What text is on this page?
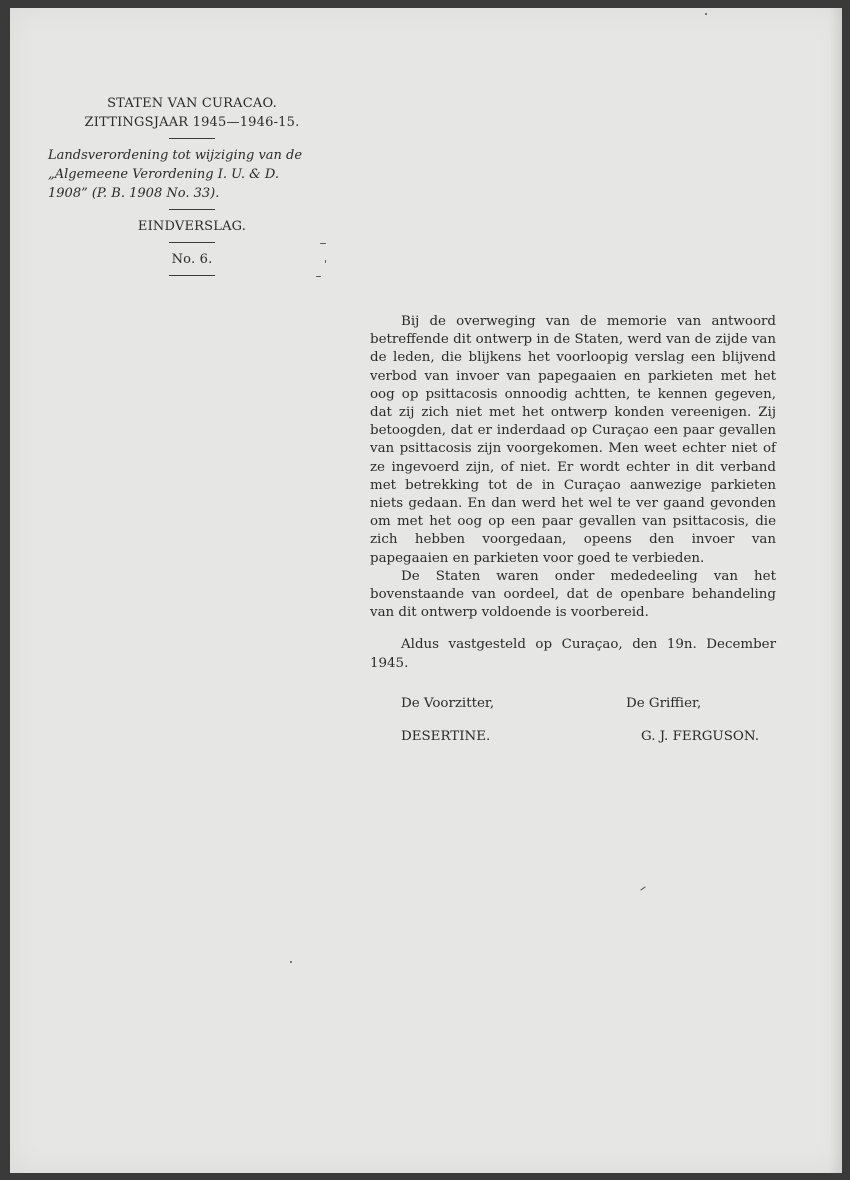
STATEN VAN CURACAO.
ZITTINGSJAAR 1945—1946-15.
Landsverordening tot wijziging van de
„Algemeene Verordening I. U. & D.
1908” (P. B. 1908 No. 33).
EINDVERSLAG.
No. 6.

Bij de overweging van de memorie van antwoord betreffende dit ontwerp in de Staten, werd van de zijde van de leden, die blijkens het voorloopig verslag een blijvend verbod van invoer van papegaaien en parkieten met het oog op psittacosis onnoodig achtten, te kennen gegeven, dat zij zich niet met het ontwerp konden vereenigen. Zij betoogden, dat er inderdaad op Curaçao een paar gevallen van psittacosis zijn voorgekomen. Men weet echter niet of ze ingevoerd zijn, of niet. Er wordt echter in dit verband met betrekking tot de in Curaçao aanwezige parkieten niets gedaan. En dan werd het wel te ver gaand gevonden om met het oog op een paar gevallen van psittacosis, die zich hebben voorgedaan, opeens den invoer van papegaaien en parkieten voor goed te verbieden.

De Staten waren onder mededeeling van het bovenstaande van oordeel, dat de openbare behandeling van dit ontwerp voldoende is voorbereid.

Aldus vastgesteld op Curaçao, den 19n. December 1945.

De Voorzitter,	De Griffier,
DESERTINE.	G. J. FERGUSON.
